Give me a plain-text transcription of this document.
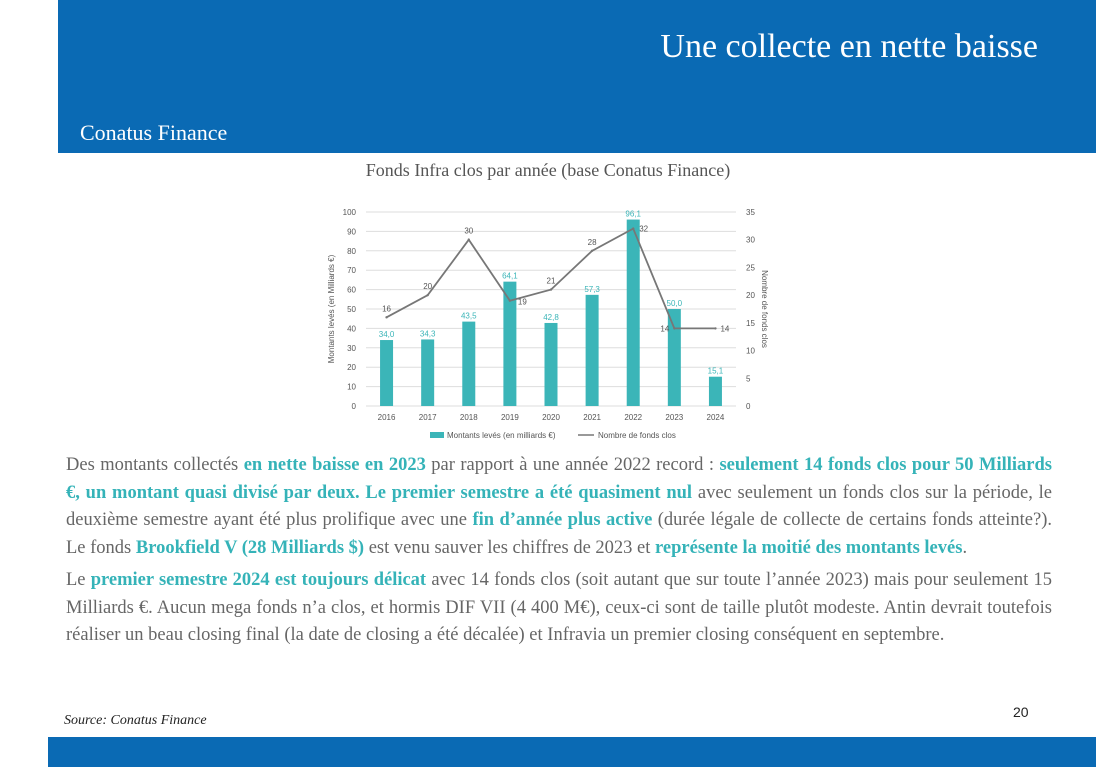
Une collecte en nette baisse
Conatus Finance
Fonds Infra clos par année (base Conatus Finance)
0
10
20
30
40
50
60
70
80
90
100
0
5
10
15
20
25
30
35
34,0	34,3
43,5
64,1
42,8
57,3
96,1
50,0
15,1
16
20
30
19
21
28
32
14	14
2016	2017	2018	2019	2020	2021	2022	2023	2024
Montants levés (en Milliards €)	Nombre de fonds clos
Montants levés (en milliards €)	Nombre de fonds clos

Des montants collectés en nette baisse en 2023 par rapport à une année 2022 record : seulement 14 fonds clos pour 50 Milliards €, un montant quasi divisé par deux. Le premier semestre a été quasiment nul avec seulement un fonds clos sur la période, le deuxième semestre ayant été plus prolifique avec une fin d’année plus active (durée légale de collecte de certains fonds atteinte?). Le fonds Brookfield V (28 Milliards $) est venu sauver les chiffres de 2023 et représente la moitié des montants levés.

Le premier semestre 2024 est toujours délicat avec 14 fonds clos (soit autant que sur toute l’année 2023) mais pour seulement 15 Milliards €. Aucun mega fonds n’a clos, et hormis DIF VII (4 400 M€), ceux-ci sont de taille plutôt modeste. Antin devrait toutefois réaliser un beau closing final (la date de closing a été décalée) et Infravia un premier closing conséquent en septembre.

Source: Conatus Finance
20
